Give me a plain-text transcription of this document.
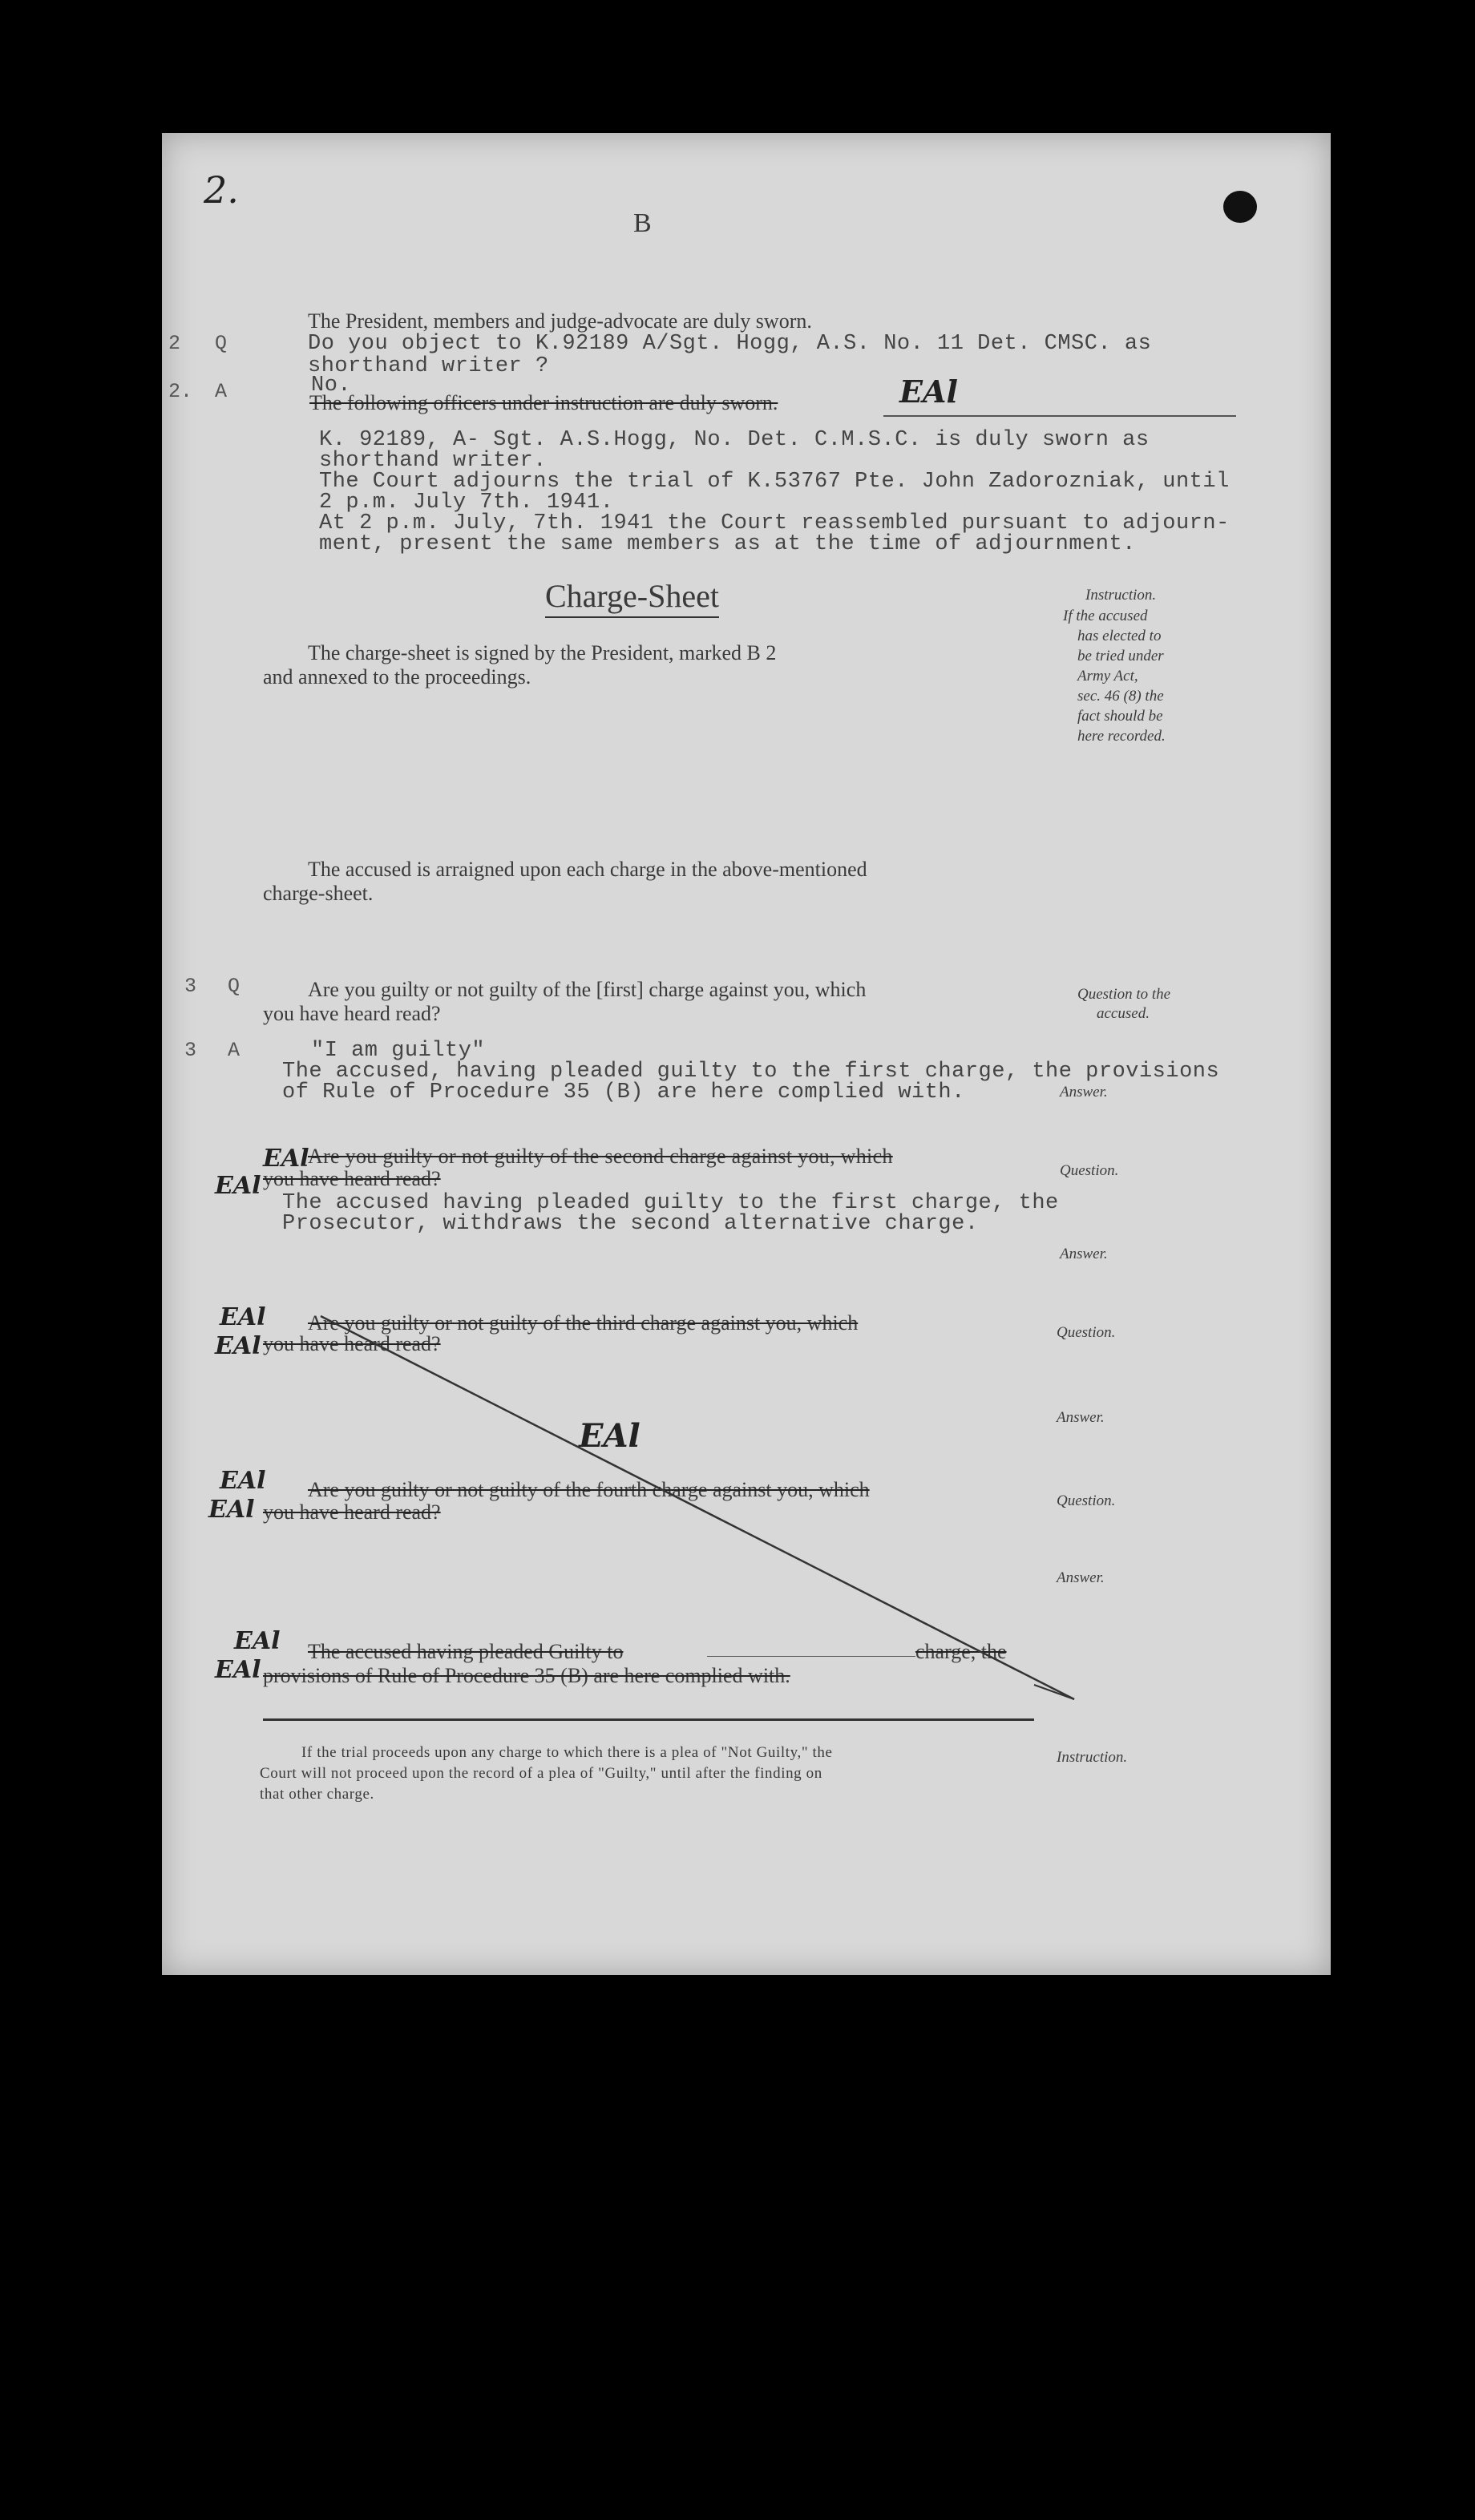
2.
B
The President, members and judge-advocate are duly sworn.
2 Q	Do you object to K.92189 A/Sgt. Hogg, A.S. No. 11 Det. CMSC. as
shorthand writer ?
2. A	No.
The following officers under instruction are duly sworn.	EAl
K. 92189, A- Sgt. A.S.Hogg, No. Det. C.M.S.C. is duly sworn as
shorthand writer.
The Court adjourns the trial of K.53767 Pte. John Zadorozniak, until
2 p.m. July 7th. 1941.
At 2 p.m. July, 7th. 1941 the Court reassembled pursuant to adjourn-
ment, present the same members as at the time of adjournment.
Charge-Sheet
The charge-sheet is signed by the President, marked B 2
and annexed to the proceedings.
Instruction.
If the accused
has elected to
be tried under
Army Act,
sec. 46 (8) the
fact should be
here recorded.
The accused is arraigned upon each charge in the above-mentioned
charge-sheet.
3 Q	Are you guilty or not guilty of the [first] charge against you, which
you have heard read?
Question to the
accused.
3 A	"I am guilty"
The accused, having pleaded guilty to the first charge, the provisions
of Rule of Procedure 35 (B) are here complied with.	Answer.
EAl
EAl
Are you guilty or not guilty of the second charge against you, which
you have heard read?	Question.
The accused having pleaded guilty to the first charge, the
Prosecutor, withdraws the second alternative charge.
Answer.
EAl
EAl
Are you guilty or not guilty of the third charge against you, which
you have heard read?	Question.
Answer.
EAl
EAl
EAl
Are you guilty or not guilty of the fourth charge against you, which
you have heard read?	Question.
Answer.
EAl
EAl
The accused having pleaded Guilty to	charge, the
provisions of Rule of Procedure 35 (B) are here complied with.
If the trial proceeds upon any charge to which there is a plea of "Not Guilty," the
Court will not proceed upon the record of a plea of "Guilty," until after the finding on
that other charge.
Instruction.
